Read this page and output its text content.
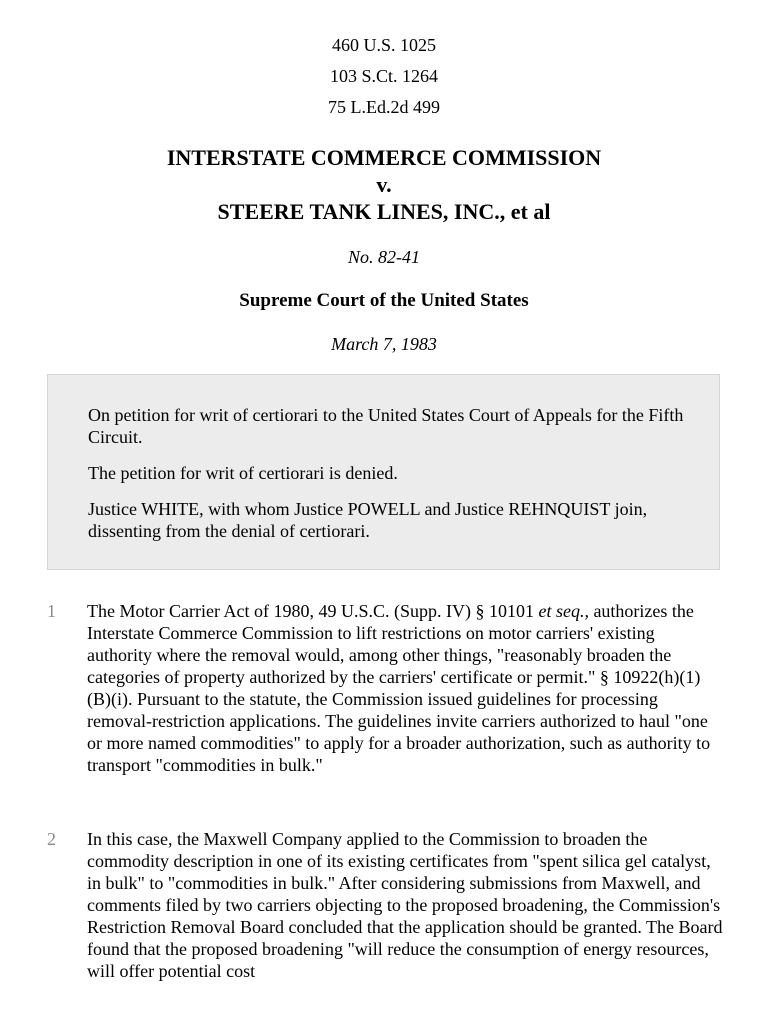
460 U.S. 1025
103 S.Ct. 1264
75 L.Ed.2d 499
INTERSTATE COMMERCE COMMISSION
v.
STEERE TANK LINES, INC., et al
No. 82-41
Supreme Court of the United States
March 7, 1983

On petition for writ of certiorari to the United States Court of Appeals for the Fifth Circuit.

The petition for writ of certiorari is denied.

Justice WHITE, with whom Justice POWELL and Justice REHNQUIST join, dissenting from the denial of certiorari.

1 The Motor Carrier Act of 1980, 49 U.S.C. (Supp. IV) § 10101 et seq., authorizes the Interstate Commerce Commission to lift restrictions on motor carriers' existing authority where the removal would, among other things, "reasonably broaden the categories of property authorized by the carriers' certificate or permit." § 10922(h)(1)(B)(i). Pursuant to the statute, the Commission issued guidelines for processing removal-restriction applications. The guidelines invite carriers authorized to haul "one or more named commodities" to apply for a broader authorization, such as authority to transport "commodities in bulk."
2 In this case, the Maxwell Company applied to the Commission to broaden the commodity description in one of its existing certificates from "spent silica gel catalyst, in bulk" to "commodities in bulk." After considering submissions from Maxwell, and comments filed by two carriers objecting to the proposed broadening, the Commission's Restriction Removal Board concluded that the application should be granted. The Board found that the proposed broadening "will reduce the consumption of energy resources, will offer potential cost
